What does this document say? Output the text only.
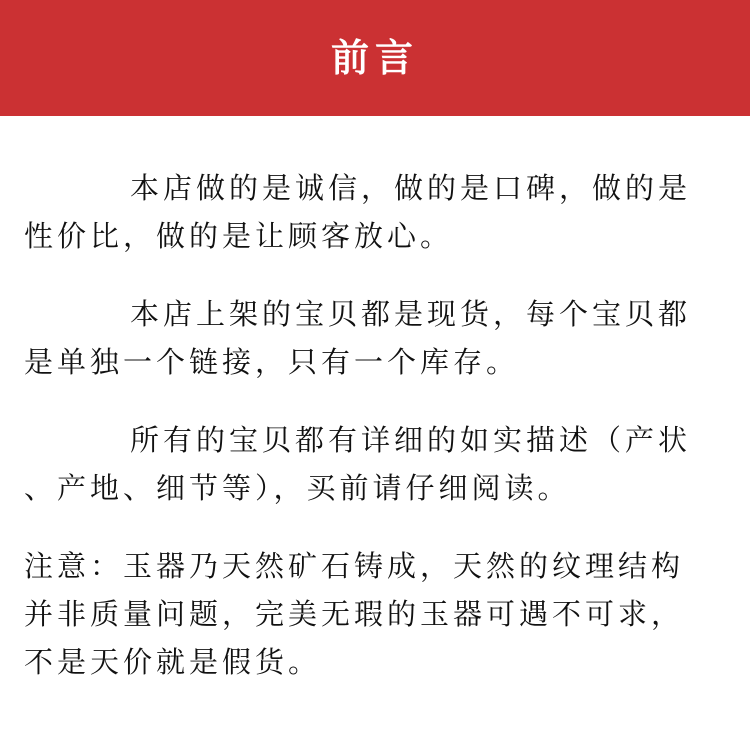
前言
本店做的是诚信，做的是口碑，做的是
性价比，做的是让顾客放心。
本店上架的宝贝都是现货，每个宝贝都
是单独一个链接，只有一个库存。
所有的宝贝都有详细的如实描述（产状
、产地、细节等），买前请仔细阅读。
注意：玉器乃天然矿石铸成，天然的纹理结构
并非质量问题，完美无瑕的玉器可遇不可求，
不是天价就是假货。
